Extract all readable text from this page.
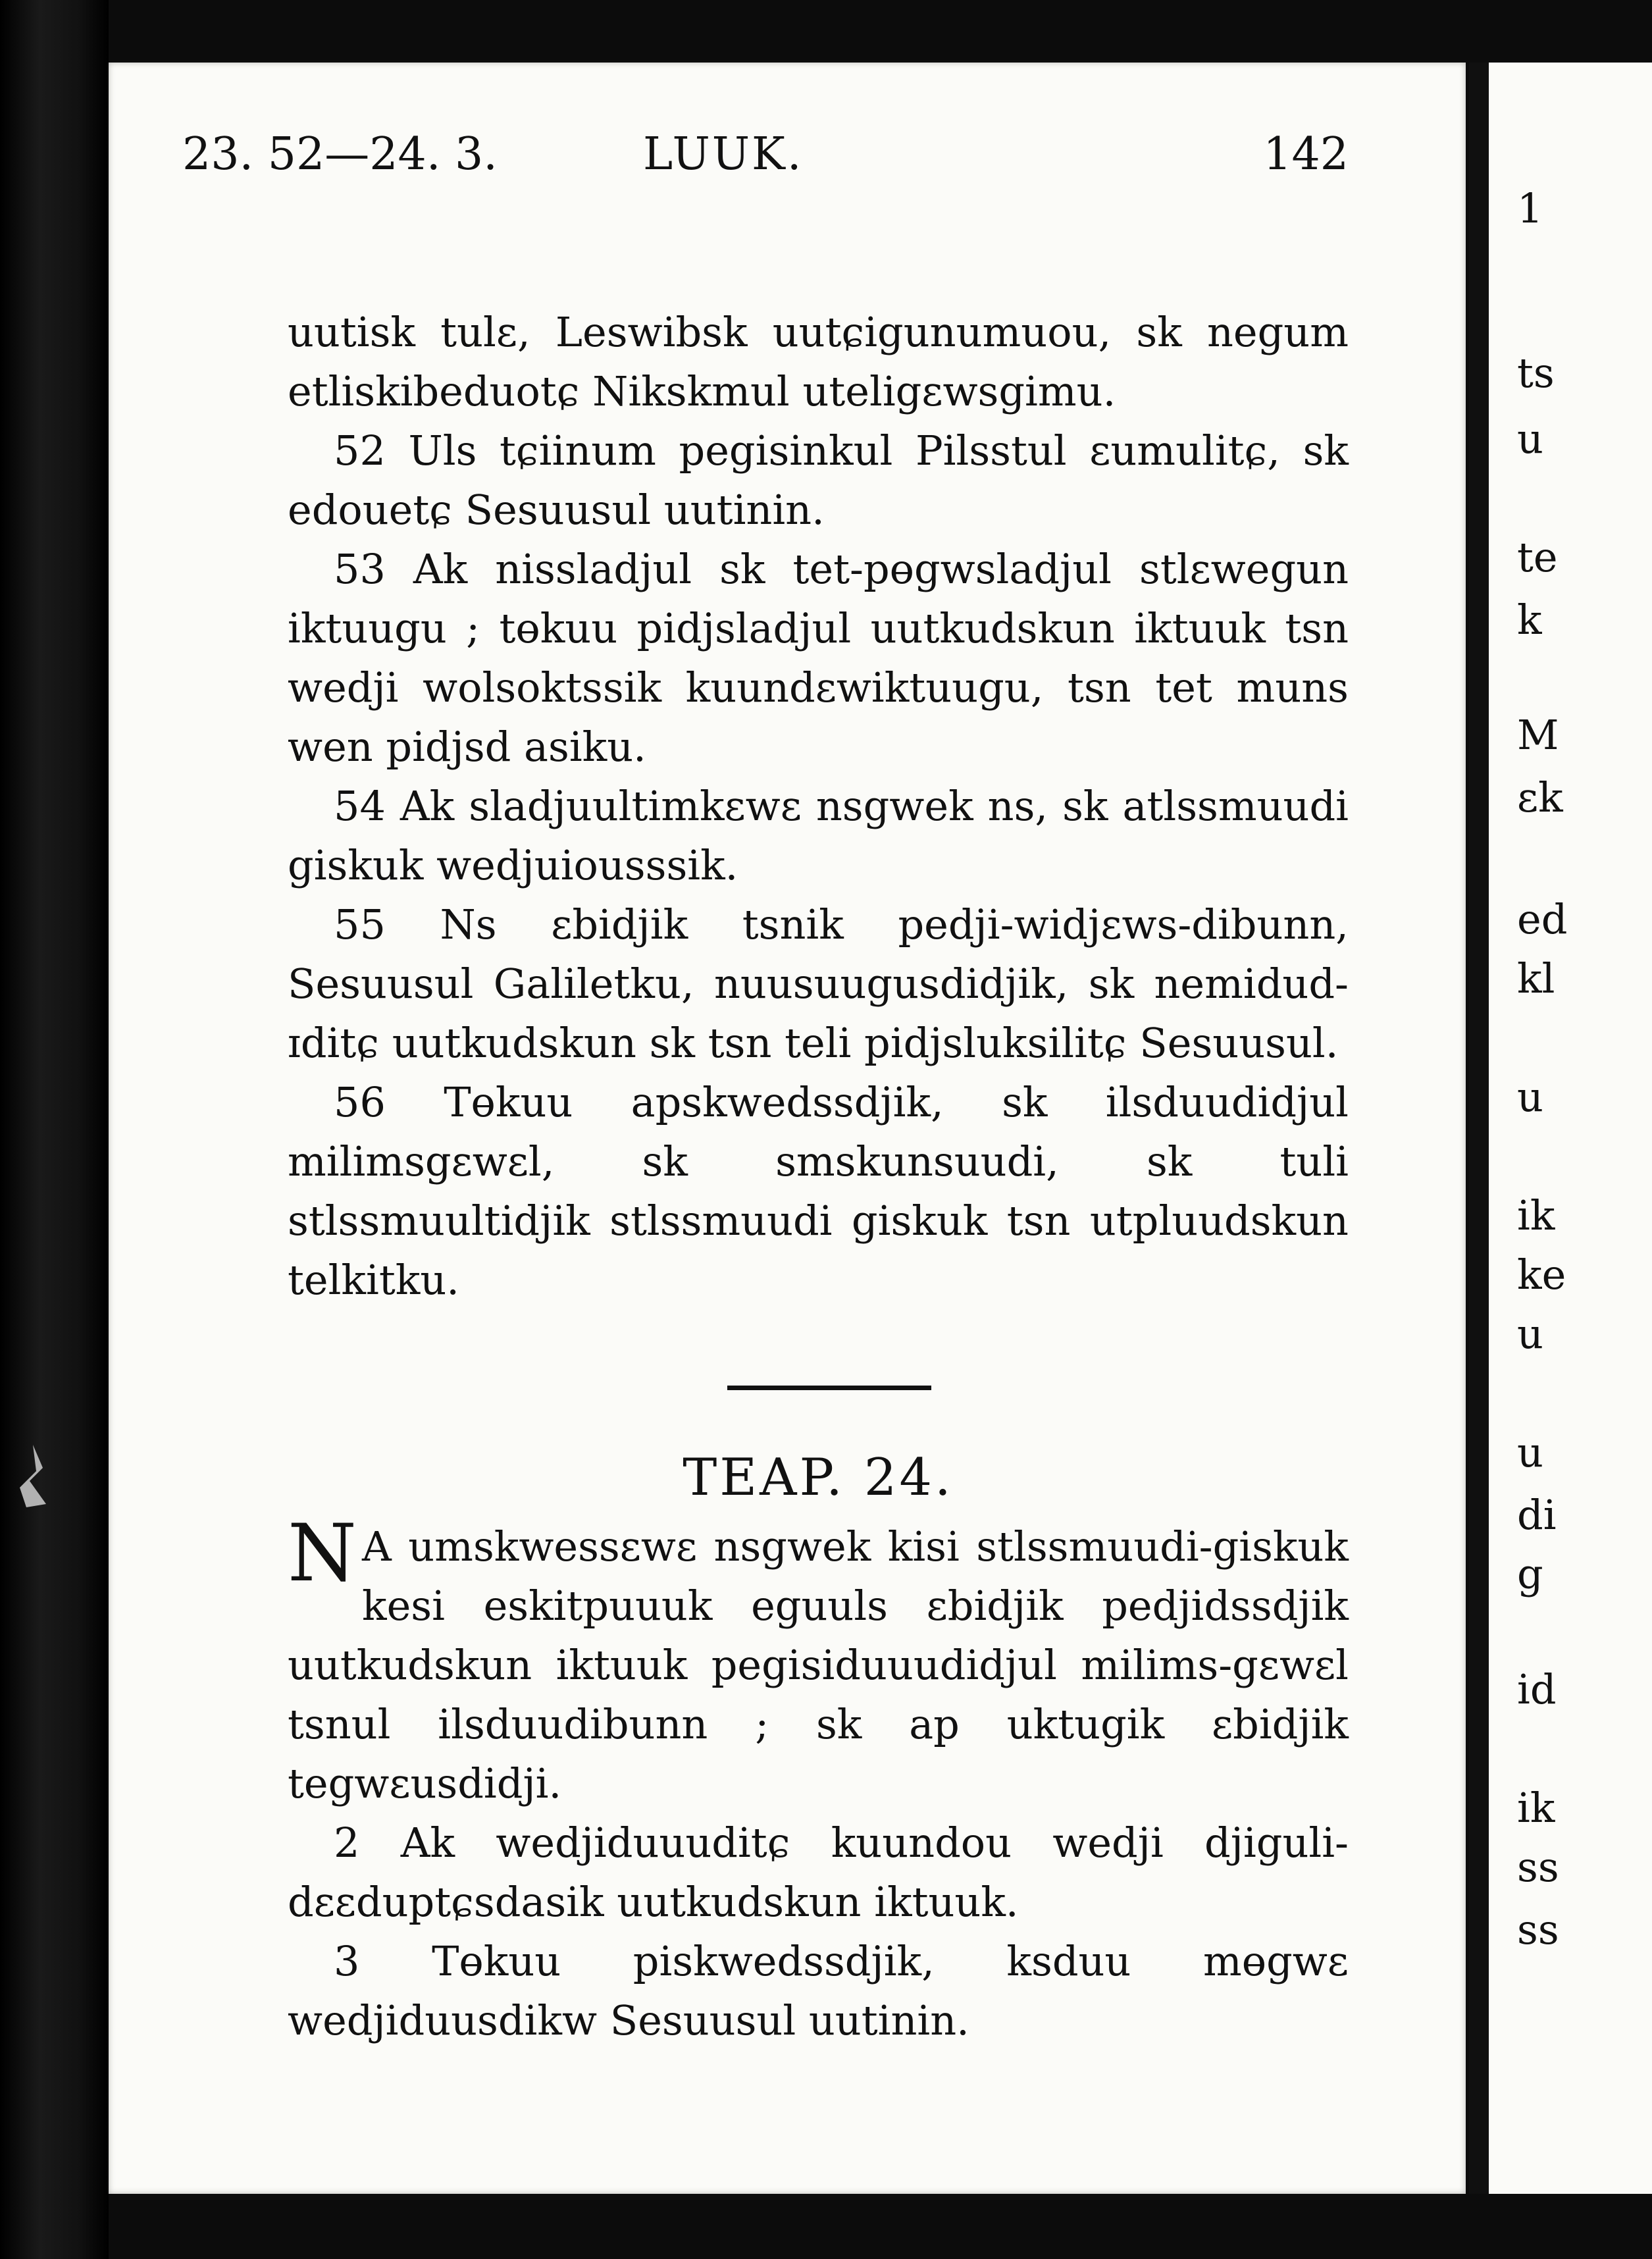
23. 52—24. 3.	LUUK.	142

uutisk tulɛ, Leswibsk uutɕigunumuou, sk negum etliskibeduotɕ Nikskmul uteligɛwsgimu.

52 Uls tɕiinum pegisinkul Pilsstul ɛumulitɕ, sk edouetɕ Sesuusul uutinin.

53 Ak nissladjul sk tet-pɵgwsladjul stlɛwegun iktuugu ; tɵkuu pidjsladjul uutkudskun iktuuk tsn wedji wolsoktssik kuundɛwiktuugu, tsn tet muns wen pidjsd asiku.

54 Ak sladjuultimkɛwɛ nsgwek ns, sk atlssmuudi giskuk wedjuiousssik.

55 Ns ɛbidjik tsnik pedji-widjɛws-dibunn, Sesuusul Galiletku, nuusuugusdidjik, sk nemidud-ɪditɕ uutkudskun sk tsn teli pidjsluksilitɕ Sesuusul.

56 Tɵkuu apskwedssdjik, sk ilsduudidjul milimsgɛwɛl, sk smskunsuudi, sk tuli stlssmuultidjik stlssmuudi giskuk tsn utpluudskun telkitku.

TEAP. 24.

N A umskwessɛwɛ nsgwek kisi stlssmuudi-giskuk kesi eskitpuuuk eguuls ɛbidjik pedjidssdjik uutkudskun iktuuk pegisiduuudidjul milims-gɛwɛl tsnul ilsduudibunn ; sk ap uktugik ɛbidjik tegwɛusdidji.

2 Ak wedjiduuuditɕ kuundou wedji djiguli-dɛɛduptɕsdasik uutkudskun iktuuk.

3 Tɵkuu piskwedssdjik, ksduu mɵgwɛ wedjiduusdikw Sesuusul uutinin.

1
ts
u
te
k
M
ɛk
ed
kl
u
ik
ke
u
u
di
g
id
ik
ss
ss
